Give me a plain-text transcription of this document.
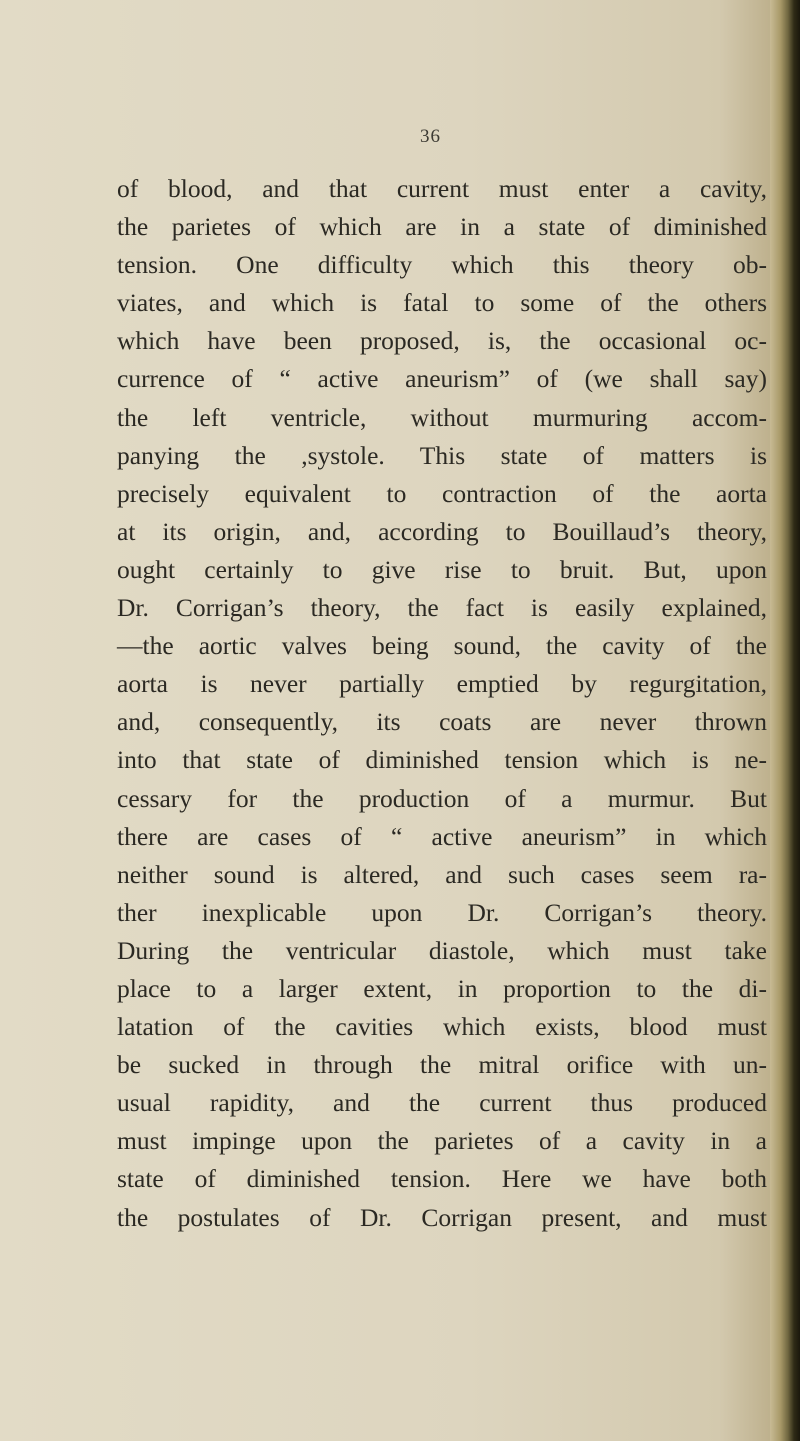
36
of blood, and that current must enter a cavity,
the parietes of which are in a state of diminished
tension. One difficulty which this theory ob-
viates, and which is fatal to some of the others
which have been proposed, is, the occasional oc-
currence of “ active aneurism” of (we shall say)
the left ventricle, without murmuring accom-
panying the ,systole. This state of matters is
precisely equivalent to contraction of the aorta
at its origin, and, according to Bouillaud’s theory,
ought certainly to give rise to bruit. But, upon
Dr. Corrigan’s theory, the fact is easily explained,
—the aortic valves being sound, the cavity of the
aorta is never partially emptied by regurgitation,
and, consequently, its coats are never thrown
into that state of diminished tension which is ne-
cessary for the production of a murmur. But
there are cases of “ active aneurism” in which
neither sound is altered, and such cases seem ra-
ther inexplicable upon Dr. Corrigan’s theory.
During the ventricular diastole, which must take
place to a larger extent, in proportion to the di-
latation of the cavities which exists, blood must
be sucked in through the mitral orifice with un-
usual rapidity, and the current thus produced
must impinge upon the parietes of a cavity in a
state of diminished tension. Here we have both
the postulates of Dr. Corrigan present, and must
